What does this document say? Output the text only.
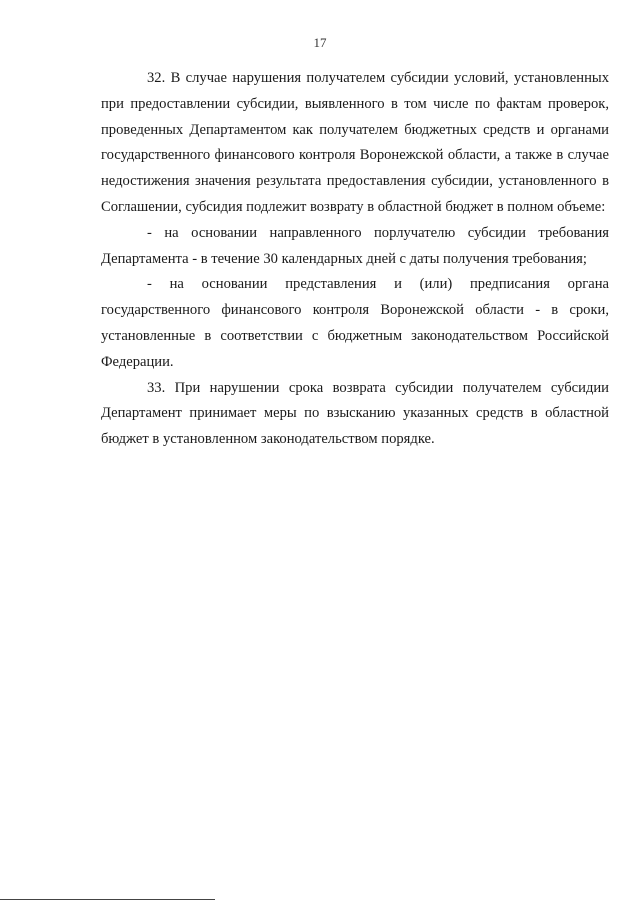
17

32. В случае нарушения получателем субсидии условий, установленных при предоставлении субсидии, выявленного в том числе по фактам проверок, проведенных Департаментом как получателем бюджетных средств и органами государственного финансового контроля Воронежской области, а также в случае недостижения значения результата предоставления субсидии, установленного в Соглашении, субсидия подлежит возврату в областной бюджет в полном объеме:

- на основании направленного порлучателю субсидии требования Департамента - в течение 30 календарных дней с даты получения требования;

- на основании представления и (или) предписания органа государственного финансового контроля Воронежской области - в сроки, установленные в соответствии с бюджетным законодательством Российской Федерации.

33. При нарушении срока возврата субсидии получателем субсидии Департамент принимает меры по взысканию указанных средств в областной бюджет в установленном законодательством порядке.
